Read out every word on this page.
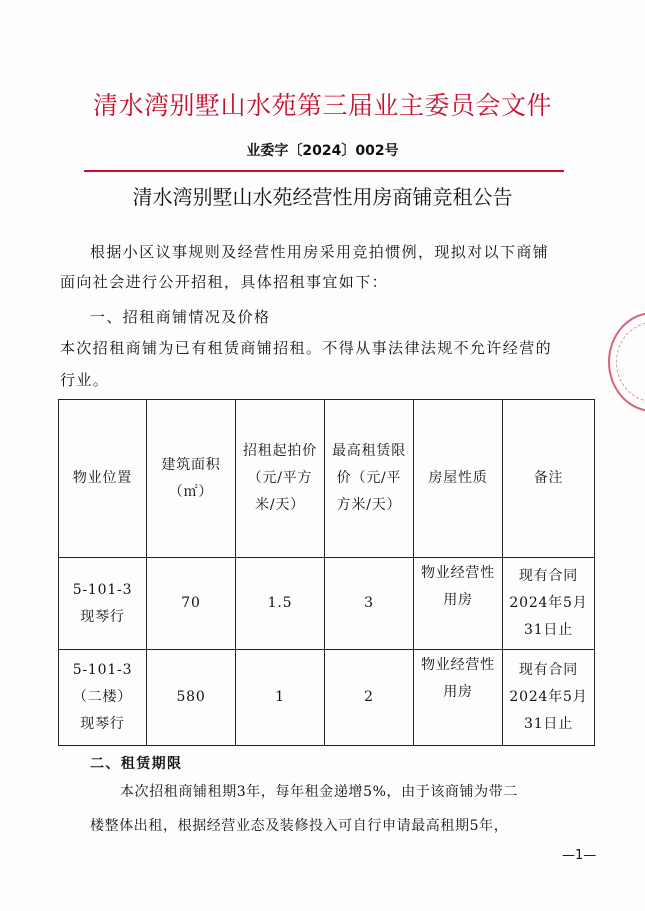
清水湾别墅山水苑第三届业主委员会文件
业委字〔2024〕002号
清水湾别墅山水苑经营性用房商铺竞租公告
根据小区议事规则及经营性用房采用竞拍惯例，现拟对以下商铺
面向社会进行公开招租，具体招租事宜如下：
一、招租商铺情况及价格
本次招租商铺为已有租赁商铺招租。不得从事法律法规不允许经营的
行业。
物业位置	建筑面积（㎡）	招租起拍价（元/平方米/天）	最高租赁限价（元/平方米/天）	房屋性质	备注

5-101-3 现琴行	70	1.5	3	物业经营性用房	现有合同2024年5月31日止

5-101-3 （二楼） 现琴行	580	1	2	物业经营性用房	现有合同2024年5月31日止
二、租赁期限
本次招租商铺租期3年，每年租金递增5%，由于该商铺为带二
楼整体出租，根据经营业态及装修投入可自行申请最高租期5年，
—1—
